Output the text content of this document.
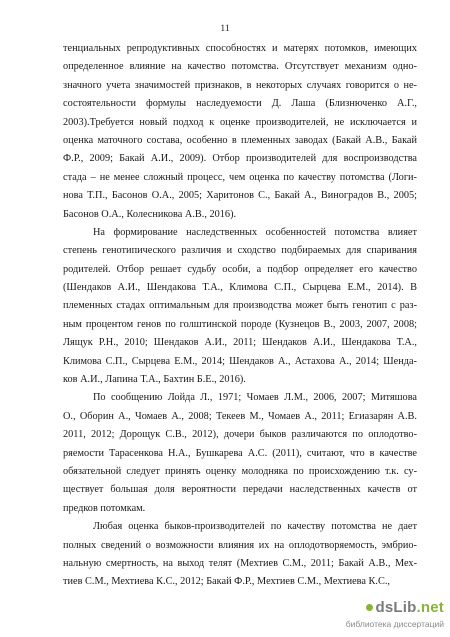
11
тенциальных репродуктивных способностях и матерях потомков, имеющих
определенное влияние на качество потомства. Отсутствует механизм одно-
значного учета значимостей признаков, в некоторых случаях говорится о не-
состоятельности формулы наследуемости Д. Лаша (Близнюченко А.Г.,
2003).Требуется новый подход к оценке производителей, не исключается и
оценка маточного состава, особенно в племенных заводах (Бакай А.В., Бакай
Ф.Р., 2009; Бакай А.И., 2009). Отбор производителей для воспроизводства
стада – не менее сложный процесс, чем оценка по качеству потомства (Логи-
нова Т.П., Басонов О.А., 2005; Харитонов С., Бакай А., Виноградов В., 2005;
Басонов О.А., Колесникова А.В., 2016).
На формирование наследственных особенностей потомства влияет
степень генотипического различия и сходство подбираемых для спаривания
родителей. Отбор решает судьбу особи, а подбор определяет его качество
(Шендаков А.И., Шендакова Т.А., Климова С.П., Сырцева Е.М., 2014). В
племенных стадах оптимальным для производства может быть генотип с раз-
ным процентом генов по голштинской породе (Кузнецов В., 2003, 2007, 2008;
Лящук Р.Н., 2010; Шендаков А.И., 2011; Шендаков А.И., Шендакова Т.А.,
Климова С.П., Сырцева Е.М., 2014; Шендаков А., Астахова А., 2014; Шенда-
ков А.И., Лапина Т.А., Бахтин Б.Е., 2016).
По сообщению Лойда Л., 1971; Чомаев Л.М., 2006, 2007; Митяшова
О., Оборин А., Чомаев А., 2008; Текеев М., Чомаев А., 2011; Егиазарян А.В.
2011, 2012; Дорощук С.В., 2012), дочери быков различаются по оплодотво-
ряемости Тарасенкова Н.А., Бушкарева А.С. (2011), считают, что в качестве
обязательной следует принять оценку молодняка по происхождению т.к. су-
ществует большая доля вероятности передачи наследственных качеств от
предков потомкам.
Любая оценка быков-производителей по качеству потомства не дает
полных сведений о возможности влияния их на оплодотворяемость, эмбрио-
нальную смертность, на выход телят (Мехтиев С.М., 2011; Бакай А.В., Мех-
тиев С.М., Мехтиева К.С., 2012; Бакай Ф.Р., Мехтиев С.М., Мехтиева К.С.,
dsLib.net
библиотека диссертаций
